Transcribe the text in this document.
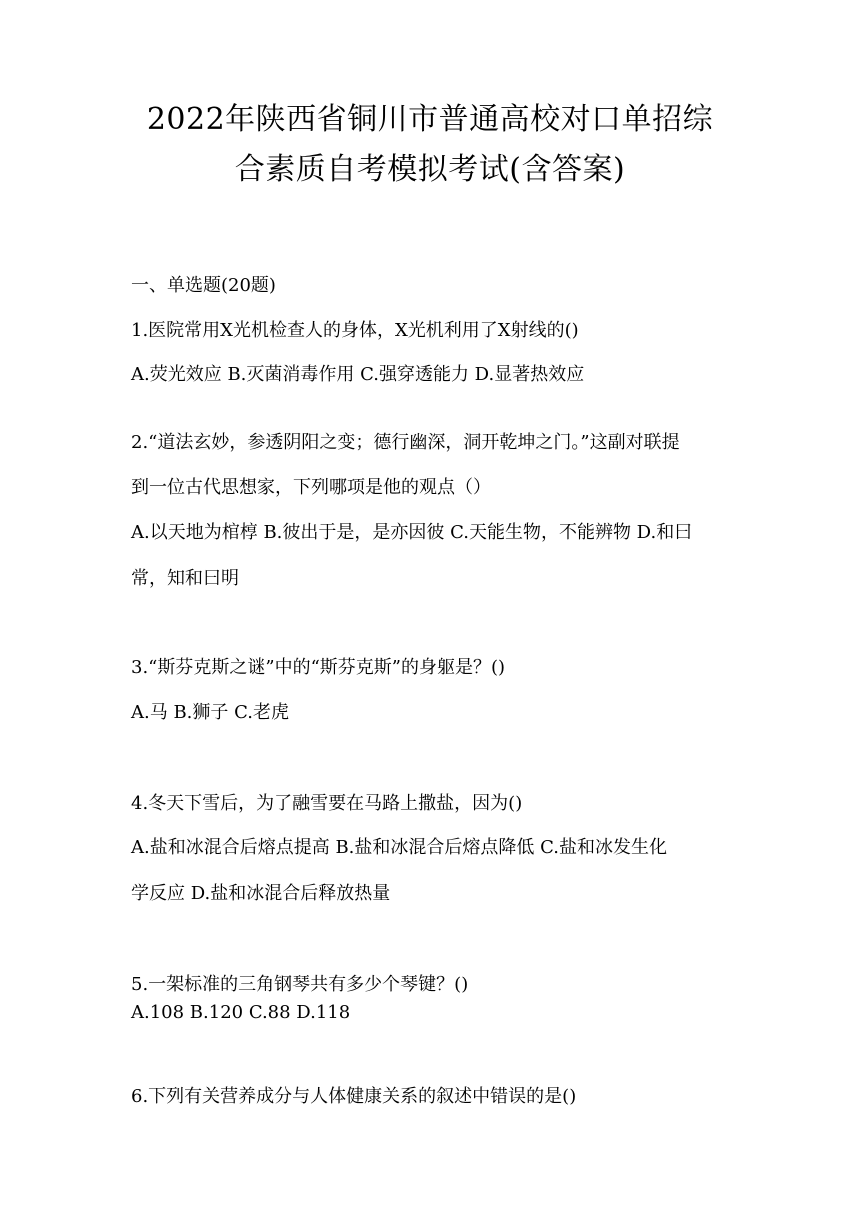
2022年陕西省铜川市普通高校对口单招综
合素质自考模拟考试(含答案)
一、单选题(20题)
1.医院常用X光机检查人的身体，X光机利用了X射线的()
A.荧光效应 B.灭菌消毒作用 C.强穿透能力 D.显著热效应
2.“道法玄妙，参透阴阳之变；德行幽深，洞开乾坤之门。”这副对联提
到一位古代思想家，下列哪项是他的观点（）
A.以天地为棺椁 B.彼出于是，是亦因彼 C.天能生物，不能辨物 D.和曰
常，知和曰明
3.“斯芬克斯之谜”中的“斯芬克斯”的身躯是？()
A.马 B.狮子 C.老虎
4.冬天下雪后，为了融雪要在马路上撒盐，因为()
A.盐和冰混合后熔点提高 B.盐和冰混合后熔点降低 C.盐和冰发生化
学反应 D.盐和冰混合后释放热量
5.一架标准的三角钢琴共有多少个琴键？()
A.108 B.120 C.88 D.118
6.下列有关营养成分与人体健康关系的叙述中错误的是()
